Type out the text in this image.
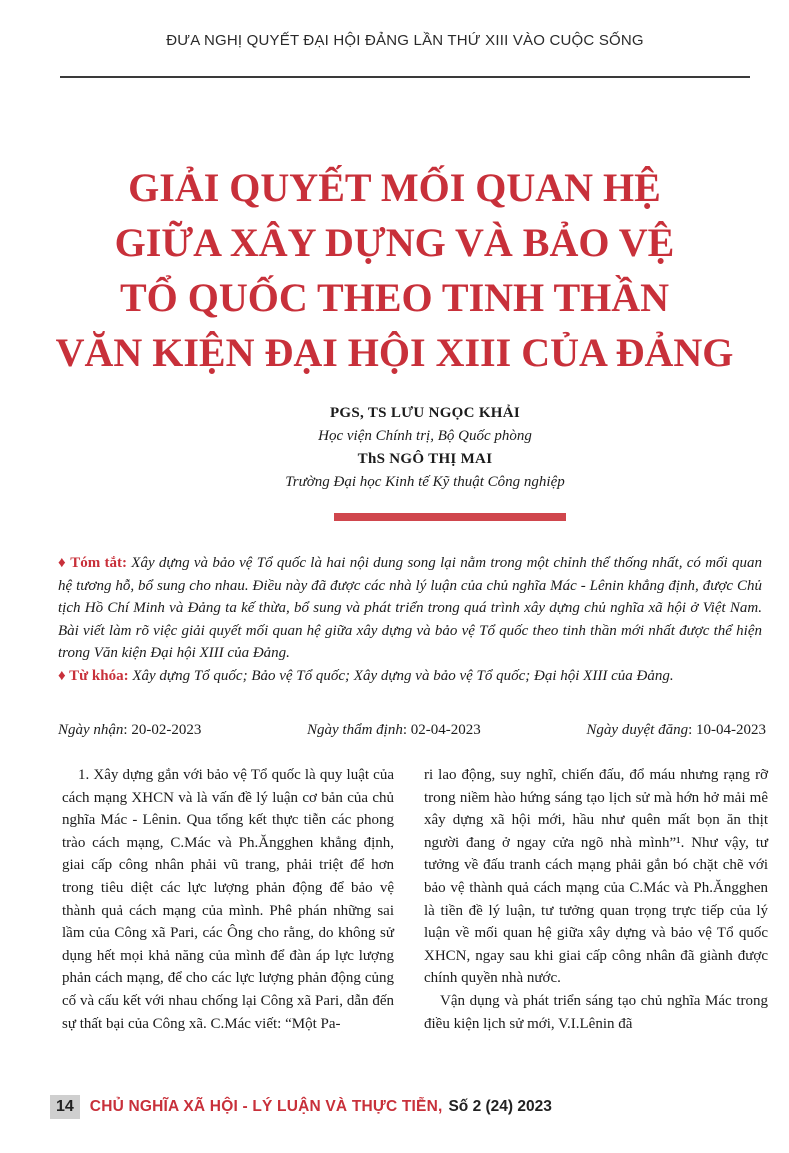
ĐƯA NGHỊ QUYẾT ĐẠI HỘI ĐẢNG LẦN THỨ XIII VÀO CUỘC SỐNG
GIẢI QUYẾT MỐI QUAN HỆ
GIỮA XÂY DỰNG VÀ BẢO VỆ
TỔ QUỐC THEO TINH THẦN
VĂN KIỆN ĐẠI HỘI XIII CỦA ĐẢNG
PGS, TS LƯU NGỌC KHẢI
Học viện Chính trị, Bộ Quốc phòng
ThS NGÔ THỊ MAI
Trường Đại học Kinh tế Kỹ thuật Công nghiệp

♦ Tóm tắt: Xây dựng và bảo vệ Tổ quốc là hai nội dung song lại nằm trong một chỉnh thể thống nhất, có mối quan hệ tương hỗ, bổ sung cho nhau. Điều này đã được các nhà lý luận của chủ nghĩa Mác - Lênin khẳng định, được Chủ tịch Hồ Chí Minh và Đảng ta kế thừa, bổ sung và phát triển trong quá trình xây dựng chủ nghĩa xã hội ở Việt Nam. Bài viết làm rõ việc giải quyết mối quan hệ giữa xây dựng và bảo vệ Tổ quốc theo tinh thần mới nhất được thể hiện trong Văn kiện Đại hội XIII của Đảng.

♦ Từ khóa: Xây dựng Tổ quốc; Bảo vệ Tổ quốc; Xây dựng và bảo vệ Tổ quốc; Đại hội XIII của Đảng.

Ngày nhận: 20-02-2023	Ngày thẩm định: 02-04-2023	Ngày duyệt đăng: 10-04-2023

1. Xây dựng gắn với bảo vệ Tổ quốc là quy luật của cách mạng XHCN và là vấn đề lý luận cơ bản của chủ nghĩa Mác - Lênin. Qua tổng kết thực tiễn các phong trào cách mạng, C.Mác và Ph.Ăngghen khẳng định, giai cấp công nhân phải vũ trang, phải triệt để hơn trong tiêu diệt các lực lượng phản động để bảo vệ thành quả cách mạng của mình. Phê phán những sai lầm của Công xã Pari, các Ông cho rằng, do không sử dụng hết mọi khả năng của mình để đàn áp lực lượng phản cách mạng, để cho các lực lượng phản động củng cố và cấu kết với nhau chống lại Công xã Pari, dẫn đến sự thất bại của Công xã. C.Mác viết: “Một Pa-

ri lao động, suy nghĩ, chiến đấu, đổ máu nhưng rạng rỡ trong niềm hào hứng sáng tạo lịch sử mà hớn hở mải mê xây dựng xã hội mới, hầu như quên mất bọn ăn thịt người đang ở ngay cửa ngõ nhà mình”¹. Như vậy, tư tưởng về đấu tranh cách mạng phải gắn bó chặt chẽ với bảo vệ thành quả cách mạng của C.Mác và Ph.Ăngghen là tiền đề lý luận, tư tưởng quan trọng trực tiếp của lý luận về mối quan hệ giữa xây dựng và bảo vệ Tổ quốc XHCN, ngay sau khi giai cấp công nhân đã giành được chính quyền nhà nước.

Vận dụng và phát triển sáng tạo chủ nghĩa Mác trong điều kiện lịch sử mới, V.I.Lênin đã

14	CHỦ NGHĨA XÃ HỘI - LÝ LUẬN VÀ THỰC TIỄN, Số 2 (24) 2023
